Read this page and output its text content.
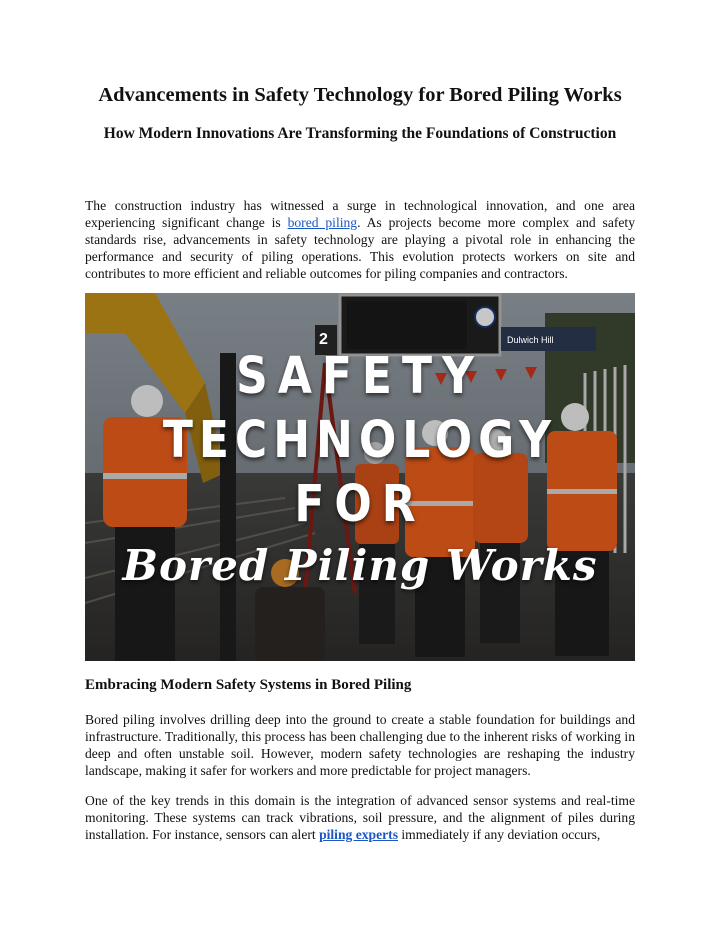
Advancements in Safety Technology for Bored Piling Works
How Modern Innovations Are Transforming the Foundations of Construction

The construction industry has witnessed a surge in technological innovation, and one area experiencing significant change is bored piling. As projects become more complex and safety standards rise, advancements in safety technology are playing a pivotal role in enhancing the performance and security of piling operations. This evolution protects workers on site and contributes to more efficient and reliable outcomes for piling companies and contractors.

2	Dulwich Hill
SAFETY
TECHNOLOGY
FOR
Bored Piling Works
Embracing Modern Safety Systems in Bored Piling

Bored piling involves drilling deep into the ground to create a stable foundation for buildings and infrastructure. Traditionally, this process has been challenging due to the inherent risks of working in deep and often unstable soil. However, modern safety technologies are reshaping the industry landscape, making it safer for workers and more predictable for project managers.

One of the key trends in this domain is the integration of advanced sensor systems and real-time monitoring. These systems can track vibrations, soil pressure, and the alignment of piles during installation. For instance, sensors can alert piling experts immediately if any deviation occurs,
